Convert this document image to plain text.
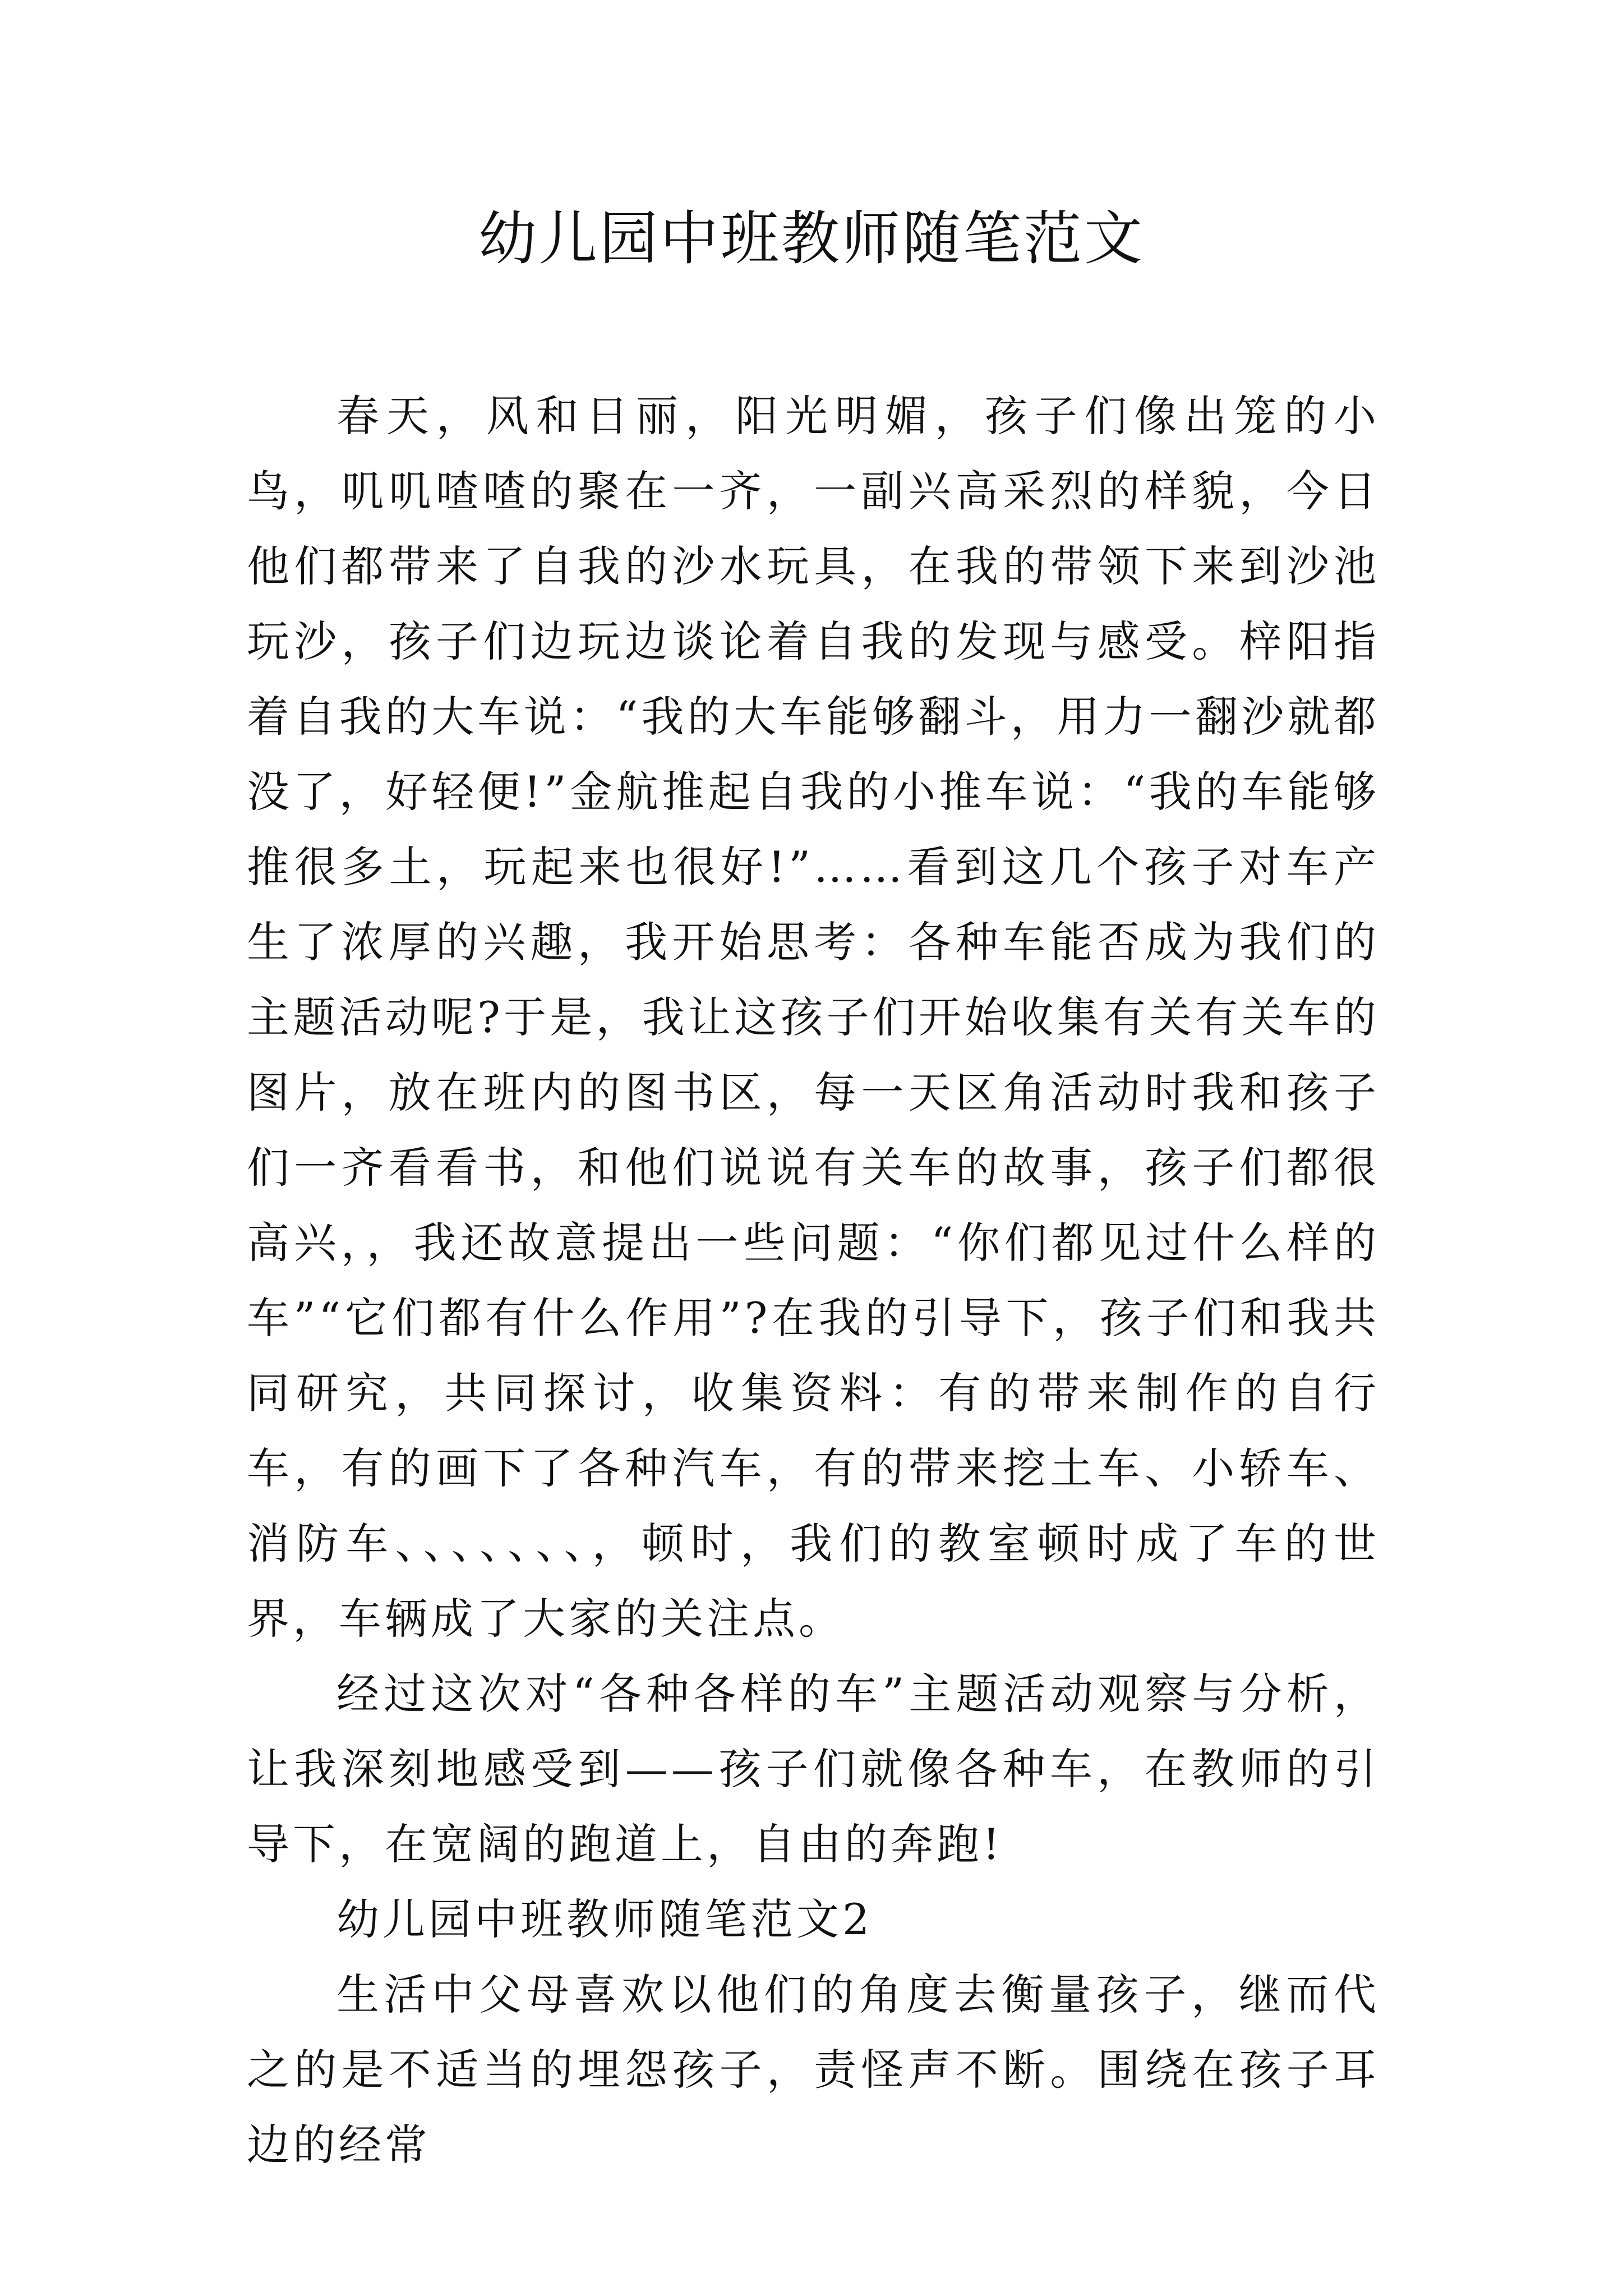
幼儿园中班教师随笔范文

春天，风和日丽，阳光明媚，孩子们像出笼的小鸟，叽叽喳喳的聚在一齐，一副兴高采烈的样貌，今日他们都带来了自我的沙水玩具，在我的带领下来到沙池玩沙，孩子们边玩边谈论着自我的发现与感受。梓阳指着自我的大车说：“我的大车能够翻斗，用力一翻沙就都没了，好轻便!”金航推起自我的小推车说：“我的车能够推很多土，玩起来也很好!”……看到这几个孩子对车产生了浓厚的兴趣，我开始思考：各种车能否成为我们的主题活动呢?于是，我让这孩子们开始收集有关有关车的图片，放在班内的图书区，每一天区角活动时我和孩子们一齐看看书，和他们说说有关车的故事，孩子们都很高兴，，我还故意提出一些问题：“你们都见过什么样的车”“它们都有什么作用”?在我的引导下，孩子们和我共同研究，共同探讨，收集资料：有的带来制作的自行车，有的画下了各种汽车，有的带来挖土车、小轿车、消防车、、、、、、、，顿时，我们的教室顿时成了车的世界，车辆成了大家的关注点。

经过这次对“各种各样的车”主题活动观察与分析，让我深刻地感受到——孩子们就像各种车，在教师的引导下，在宽阔的跑道上，自由的奔跑!

幼儿园中班教师随笔范文2

生活中父母喜欢以他们的角度去衡量孩子，继而代之的是不适当的埋怨孩子，责怪声不断。围绕在孩子耳边的经常
